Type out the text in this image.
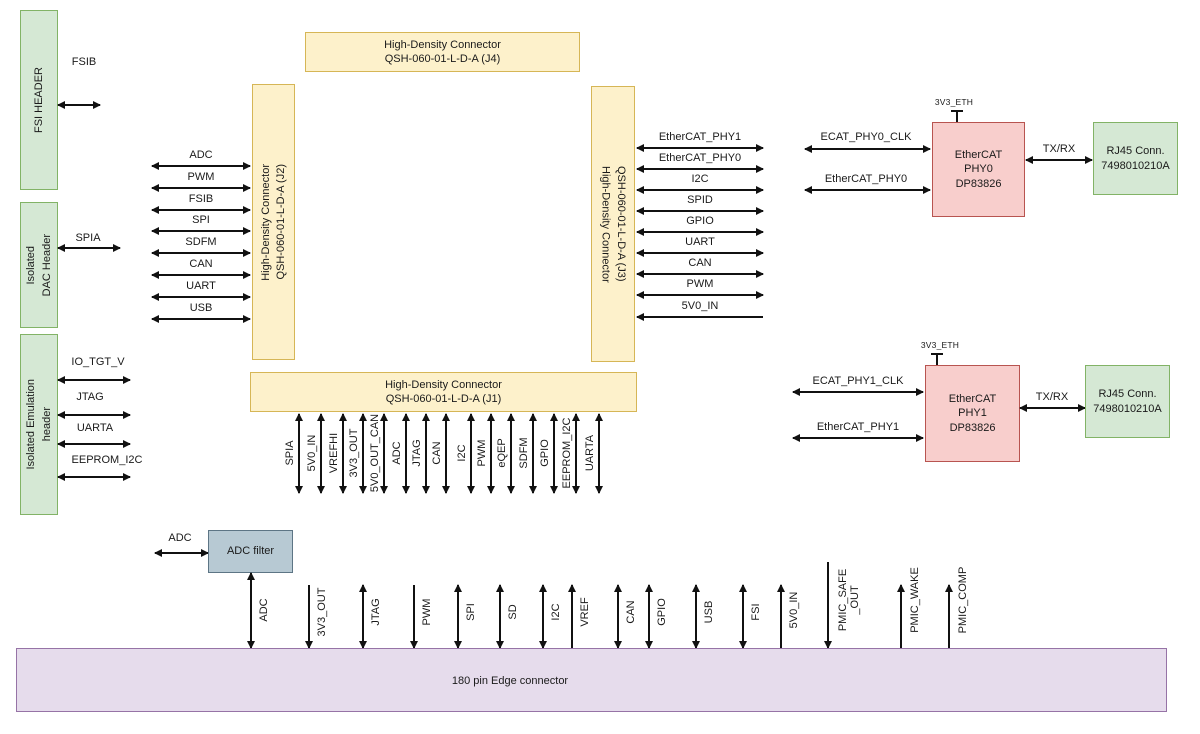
FSI HEADER
FSIB
Isolated DAC Header SPIA
Isolated Emulation header
IO_TGT_V
JTAG
UARTA
EEPROM_I2C
High-Density Connector
QSH-060-01-L-D-A (J4)
High-Density Connector QSH-060-01-L-D-A (J2)	High-Density Connector QSH-060-01-L-D-A (J3)
High-Density Connector
QSH-060-01-L-D-A (J1)
ADC
PWM
FSIB
SPI
SDFM
CAN
UART
USB
EtherCAT_PHY1
EtherCAT_PHY0
I2C
SPID
GPIO
UART
CAN
PWM
5V0_IN
SPIA 5V0_IN VREFHI 3V3_OUT 5V0_OUT_CAN ADC JTAG CAN I2C PWM eQEP SDFM GPIO EEPROM_I2C UARTA
3V3_ETH
ECAT_PHY0_CLK
EtherCAT_PHY0
EtherCAT
PHY0
DP83826
TX/RX	RJ45 Conn.
7498010210A
3V3_ETH
ECAT_PHY1_CLK
EtherCAT_PHY1
EtherCAT
PHY1
DP83826
TX/RX	RJ45 Conn.
7498010210A
ADC
ADC filter
ADC	3V3_OUT	JTAG	PWM	SPI	SD	I2C VREF	CAN GPIO	USB	FSI 5V0_IN	PMIC_SAFE _OUT	PMIC_WAKE	PMIC_COMP
180 pin Edge connector
